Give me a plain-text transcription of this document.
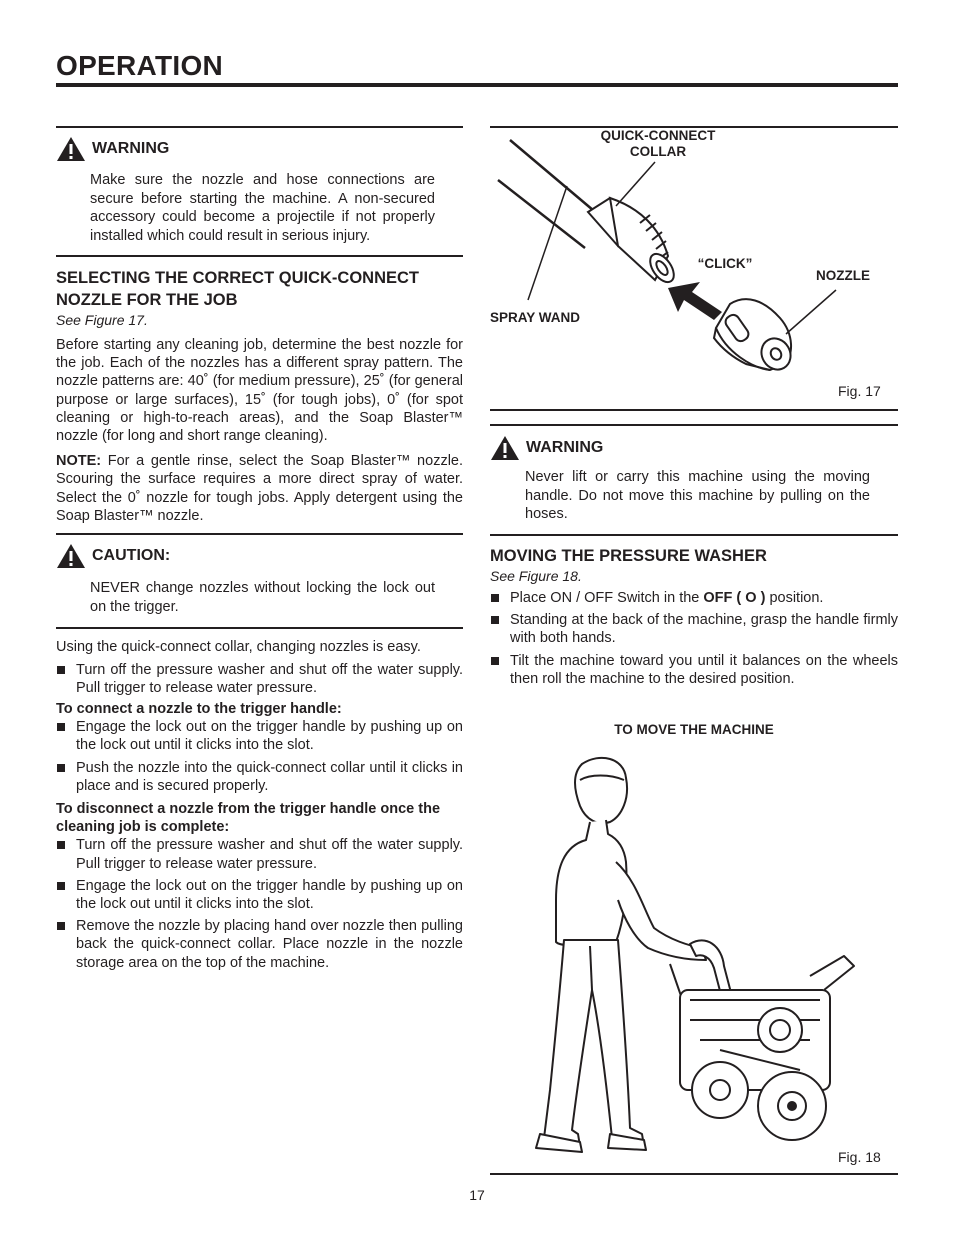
OPERATION
WARNING
Make sure the nozzle and hose connections are secure before starting the machine. A non-secured accessory could become a projectile if not properly installed which could result in serious injury.
SELECTING THE CORRECT QUICK-CONNECT
NOZZLE FOR THE JOB
See Figure 17.
Before starting any cleaning job, determine the best nozzle for the job. Each of the nozzles has a different spray pattern. The nozzle patterns are: 40˚ (for medium pressure), 25˚ (for general purpose or large surfaces), 15˚ (for tough jobs), 0˚ (for spot cleaning or high-to-reach areas), and the Soap Blaster™ nozzle (for long and short range cleaning).
NOTE: For a gentle rinse, select the Soap Blaster™ nozzle. Scouring the surface requires a more direct spray of water. Select the 0˚ nozzle for tough jobs. Apply detergent using the Soap Blaster™ nozzle.
CAUTION:
NEVER change nozzles without locking the lock out on the trigger.
Using the quick-connect collar, changing nozzles is easy.
Turn off the pressure washer and shut off the water supply. Pull trigger to release water pressure.
To connect a nozzle to the trigger handle:
Engage the lock out on the trigger handle by pushing up on the lock out until it clicks into the slot.
Push the nozzle into the quick-connect collar until it clicks in place and is secured properly.
To disconnect a nozzle from the trigger handle once the cleaning job is complete:
Turn off the pressure washer and shut off the water supply. Pull trigger to release water pressure.
Engage the lock out on the trigger handle by pushing up on the lock out until it clicks into the slot.
Remove the nozzle by placing hand over nozzle then pulling back the quick-connect collar. Place nozzle in the nozzle storage area on the top of the machine.
QUICK-CONNECT
COLLAR
“CLICK”
NOZZLE
SPRAY WAND
Fig. 17
WARNING
Never lift or carry this machine using the moving handle. Do not move this machine by pulling on the hoses.
MOVING THE PRESSURE WASHER
See Figure 18.
Place ON / OFF Switch in the OFF ( O ) position.
Standing at the back of the machine, grasp the handle firmly with both hands.
Tilt the machine toward you until it balances on the wheels then roll the machine to the desired position.
TO MOVE THE MACHINE
Fig. 18
17
